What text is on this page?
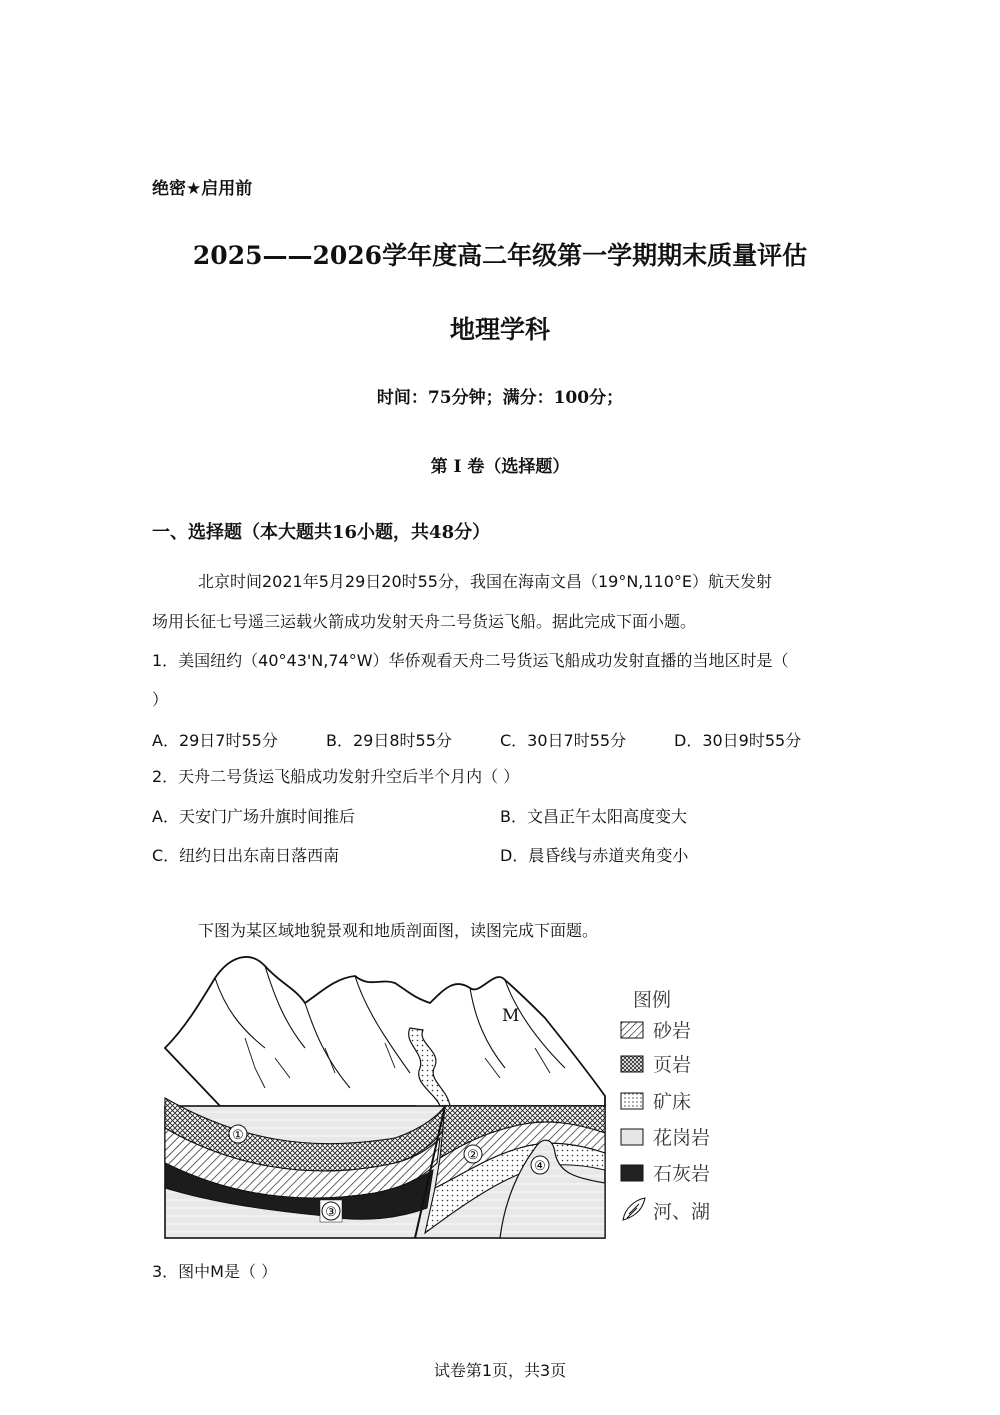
绝密★启用前
2025——2026学年度高二年级第一学期期末质量评估
地理学科
时间：75分钟；满分：100分；
第 I 卷（选择题）
一、选择题（本大题共16小题，共48分）
北京时间2021年5月29日20时55分，我国在海南文昌（19°N,110°E）航天发射
场用长征七号遥三运载火箭成功发射天舟二号货运飞船。据此完成下面小题。
1．美国纽约（40°43'N,74°W）华侨观看天舟二号货运飞船成功发射直播的当地区时是（
）
A．29日7时55分	B．29日8时55分	C．30日7时55分	D．30日9时55分
2．天舟二号货运飞船成功发射升空后半个月内（ ）
A．天安门广场升旗时间推后	B．文昌正午太阳高度变大
C．纽约日出东南日落西南	D．晨昏线与赤道夹角变小
下图为某区域地貌景观和地质剖面图，读图完成下面题。
M
①
②
③
④
图例
砂岩
页岩
矿床
花岗岩
石灰岩
河、湖
3．图中M是（ ）
试卷第1页，共3页
